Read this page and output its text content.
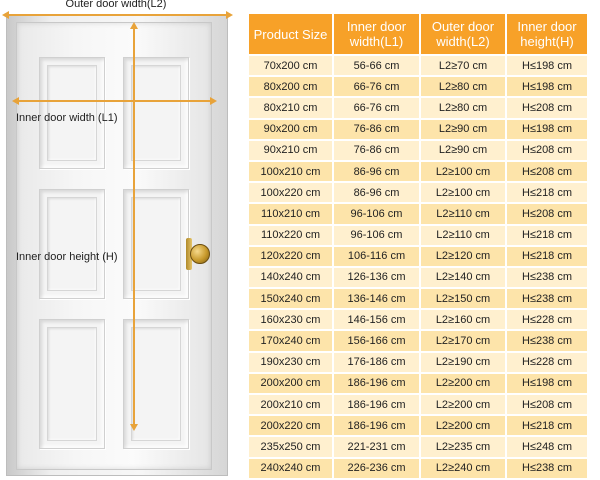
Outer door width(L2)
Inner door width (L1)
Inner door height (H)
Product Size	Inner door width(L1)	Outer door width(L2)	Inner door height(H)
70x200 cm	56-66 cm	L2≥70 cm	H≤198 cm
80x200 cm	66-76 cm	L2≥80 cm	H≤198 cm
80x210 cm	66-76 cm	L2≥80 cm	H≤208 cm
90x200 cm	76-86 cm	L2≥90 cm	H≤198 cm
90x210 cm	76-86 cm	L2≥90 cm	H≤208 cm
100x210 cm	86-96 cm	L2≥100 cm	H≤208 cm
100x220 cm	86-96 cm	L2≥100 cm	H≤218 cm
110x210 cm	96-106 cm	L2≥110 cm	H≤208 cm
110x220 cm	96-106 cm	L2≥110 cm	H≤218 cm
120x220 cm	106-116 cm	L2≥120 cm	H≤218 cm
140x240 cm	126-136 cm	L2≥140 cm	H≤238 cm
150x240 cm	136-146 cm	L2≥150 cm	H≤238 cm
160x230 cm	146-156 cm	L2≥160 cm	H≤228 cm
170x240 cm	156-166 cm	L2≥170 cm	H≤238 cm
190x230 cm	176-186 cm	L2≥190 cm	H≤228 cm
200x200 cm	186-196 cm	L2≥200 cm	H≤198 cm
200x210 cm	186-196 cm	L2≥200 cm	H≤208 cm
200x220 cm	186-196 cm	L2≥200 cm	H≤218 cm
235x250 cm	221-231 cm	L2≥235 cm	H≤248 cm
240x240 cm	226-236 cm	L2≥240 cm	H≤238 cm
